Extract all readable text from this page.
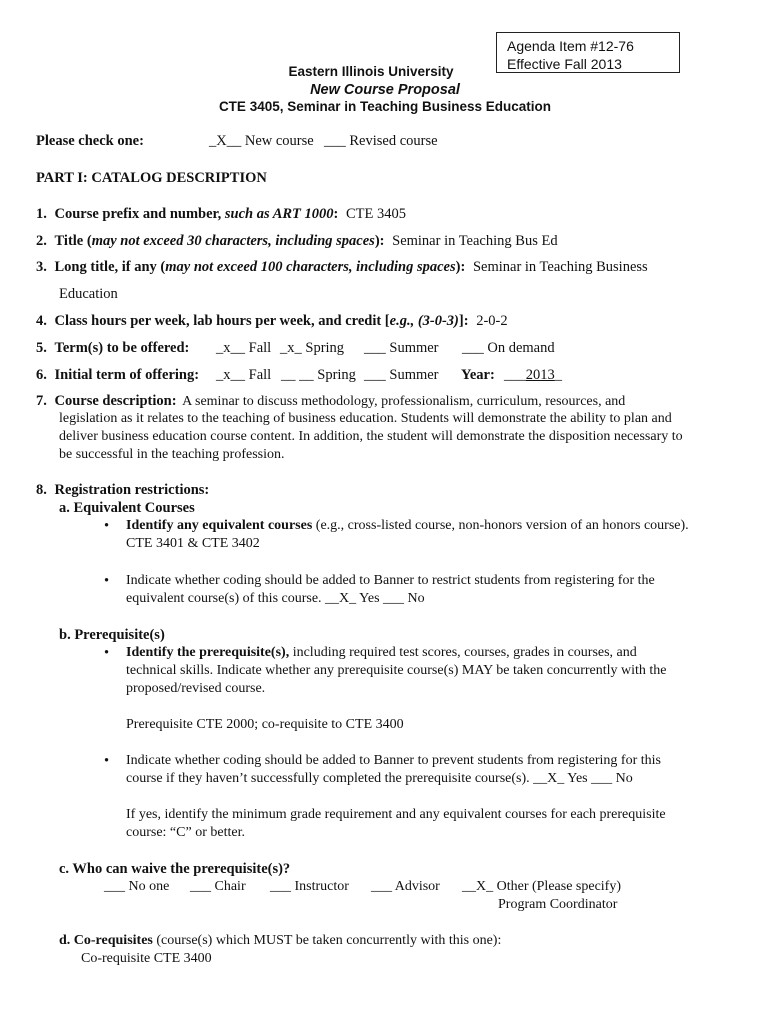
Agenda Item #12-76
Effective Fall 2013
Eastern Illinois University
New Course Proposal
CTE 3405, Seminar in Teaching Business Education
Please check one:	_X__ New course ___ Revised course
PART I: CATALOG DESCRIPTION
1. Course prefix and number, such as ART 1000: CTE 3405
2. Title (may not exceed 30 characters, including spaces): Seminar in Teaching Bus Ed
3. Long title, if any (may not exceed 100 characters, including spaces): Seminar in Teaching Business
Education
4. Class hours per week, lab hours per week, and credit [e.g., (3-0-3)]: 2-0-2
5. Term(s) to be offered: _x__ Fall _x_ Spring ___ Summer ___ On demand
6. Initial term of offering: _x__ Fall __ __ Spring ___ Summer Year: ___2013_
7. Course description: A seminar to discuss methodology, professionalism, curriculum, resources, and
legislation as it relates to the teaching of business education. Students will demonstrate the ability to plan and
deliver business education course content. In addition, the student will demonstrate the disposition necessary to
be successful in the teaching profession.
8. Registration restrictions:
a. Equivalent Courses
• Identify any equivalent courses (e.g., cross-listed course, non-honors version of an honors course).
CTE 3401 & CTE 3402
• Indicate whether coding should be added to Banner to restrict students from registering for the
equivalent course(s) of this course. __X_ Yes ___ No
b. Prerequisite(s)
• Identify the prerequisite(s), including required test scores, courses, grades in courses, and
technical skills. Indicate whether any prerequisite course(s) MAY be taken concurrently with the
proposed/revised course.
Prerequisite CTE 2000; co-requisite to CTE 3400
• Indicate whether coding should be added to Banner to prevent students from registering for this
course if they haven’t successfully completed the prerequisite course(s). __X_ Yes ___ No
If yes, identify the minimum grade requirement and any equivalent courses for each prerequisite
course: “C” or better.
c. Who can waive the prerequisite(s)?
___ No one ___ Chair ___ Instructor ___ Advisor __X_ Other (Please specify)
Program Coordinator
d. Co-requisites (course(s) which MUST be taken concurrently with this one):
Co-requisite CTE 3400
